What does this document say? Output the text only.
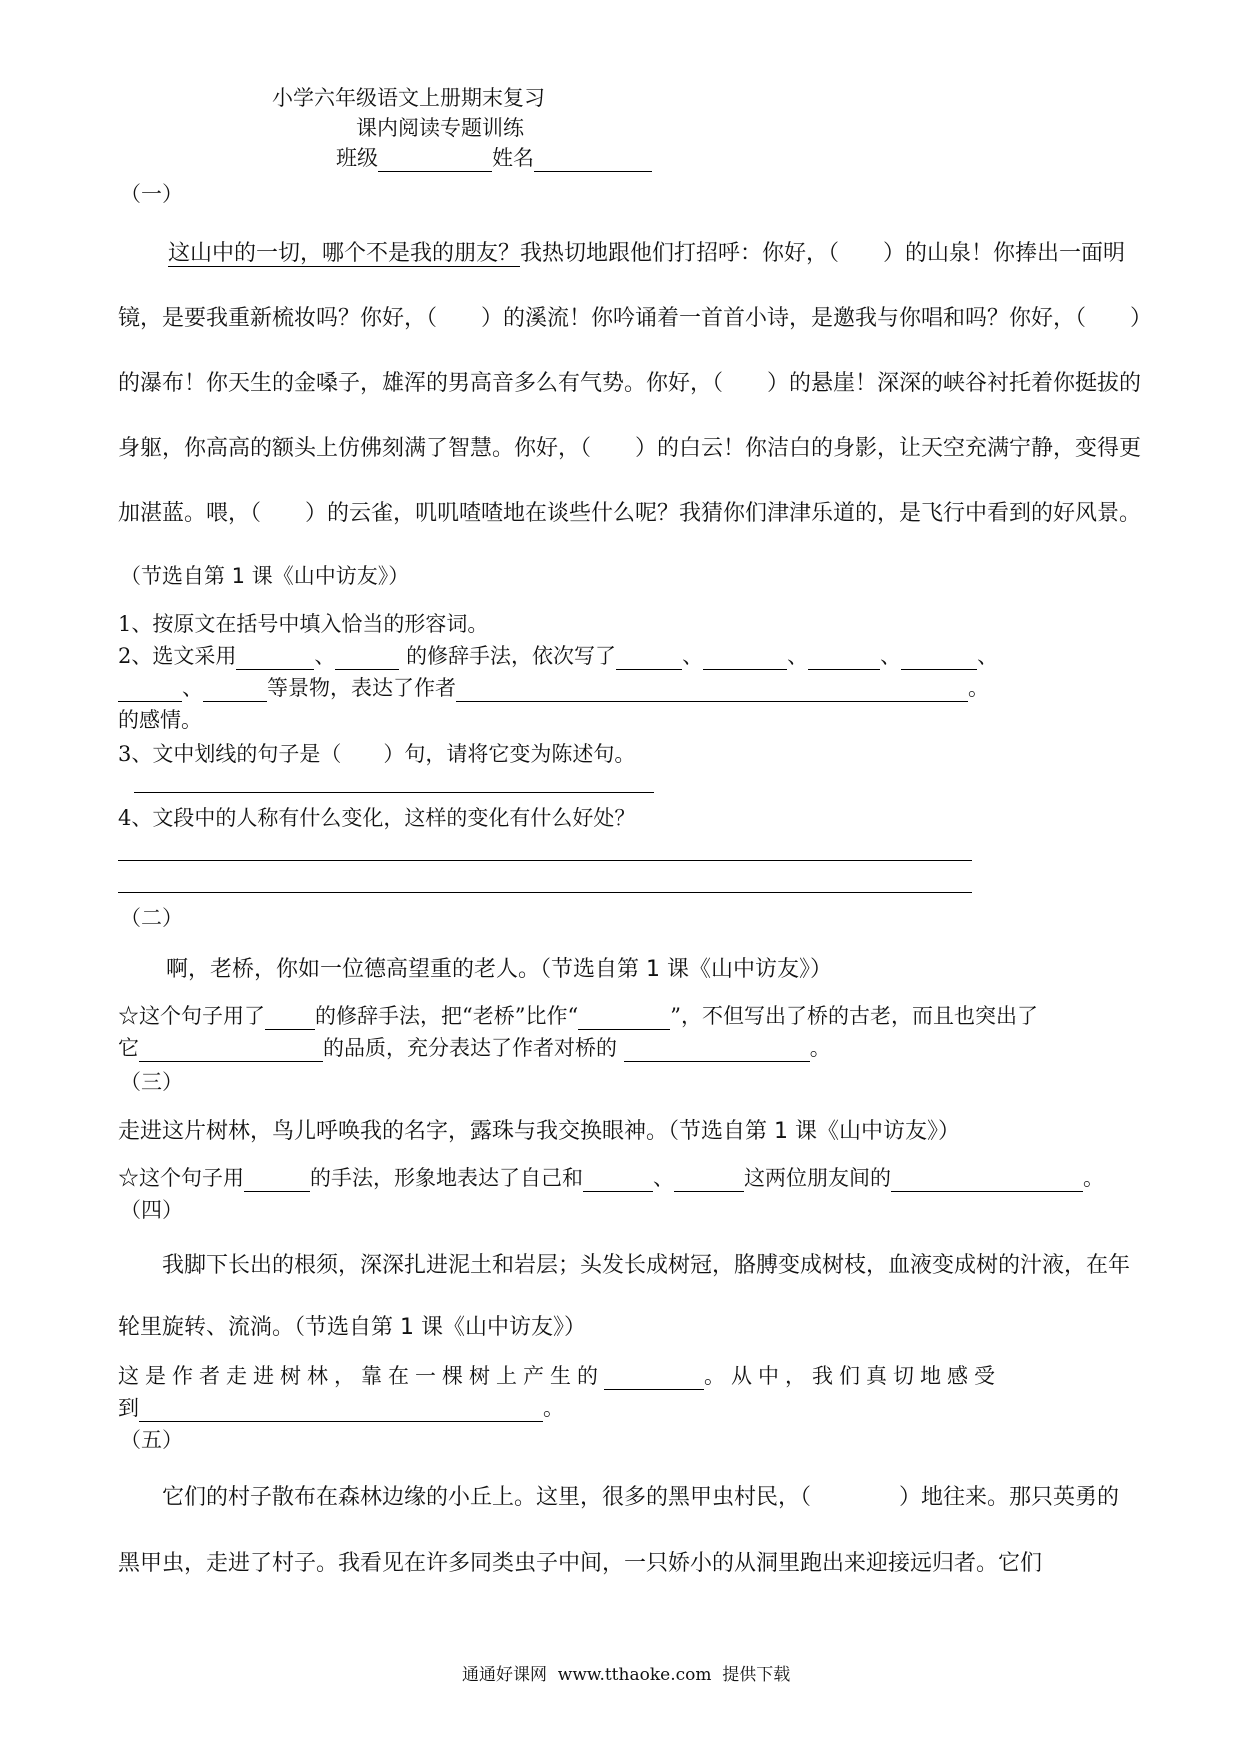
小学六年级语文上册期末复习
课内阅读专题训练
班级	姓名
（一）
这山中的一切，哪个不是我的朋友？我热切地跟他们打招呼：你好，（　　）的山泉！你捧出一面明
镜，是要我重新梳妆吗？你好，（　　）的溪流！你吟诵着一首首小诗，是邀我与你唱和吗？你好，（　　）
的瀑布！你天生的金嗓子，雄浑的男高音多么有气势。你好，（　　）的悬崖！深深的峡谷衬托着你挺拔的
身躯，你高高的额头上仿佛刻满了智慧。你好，（　　）的白云！你洁白的身影，让天空充满宁静，变得更
加湛蓝。喂，（　　）的云雀，叽叽喳喳地在谈些什么呢？我猜你们津津乐道的，是飞行中看到的好风景。
（节选自第 1 课《山中访友》）
1、按原文在括号中填入恰当的形容词。
2、选文采用	、	的修辞手法，依次写了	、	、	、	、
、	等景物，表达了作者	。
的感情。
3、文中划线的句子是（　　）句，请将它变为陈述句。
4、文段中的人称有什么变化，这样的变化有什么好处？
（二）
啊，老桥，你如一位德高望重的老人。（节选自第 1 课《山中访友》）
☆这个句子用了 的修辞手法，把“老桥”比作“	”，不但写出了桥的古老，而且也突出了
它	的品质，充分表达了作者对桥的	。
（三）
走进这片树林，鸟儿呼唤我的名字，露珠与我交换眼神。（节选自第 1 课《山中访友》）
☆这个句子用	的手法，形象地表达了自己和	、	这两位朋友间的	。
（四）
我脚下长出的根须，深深扎进泥土和岩层；头发长成树冠，胳膊变成树枝，血液变成树的汁液，在年
轮里旋转、流淌。（节选自第 1 课《山中访友》）
这是作者走进树林，靠在一棵树上产生的	。从中，我们真切地感受
到	。
（五）
它们的村子散布在森林边缘的小丘上。这里，很多的黑甲虫村民，（　　　　）地往来。那只英勇的
黑甲虫，走进了村子。我看见在许多同类虫子中间，一只娇小的从洞里跑出来迎接远归者。它们
通通好课网  www.tthaoke.com  提供下载
